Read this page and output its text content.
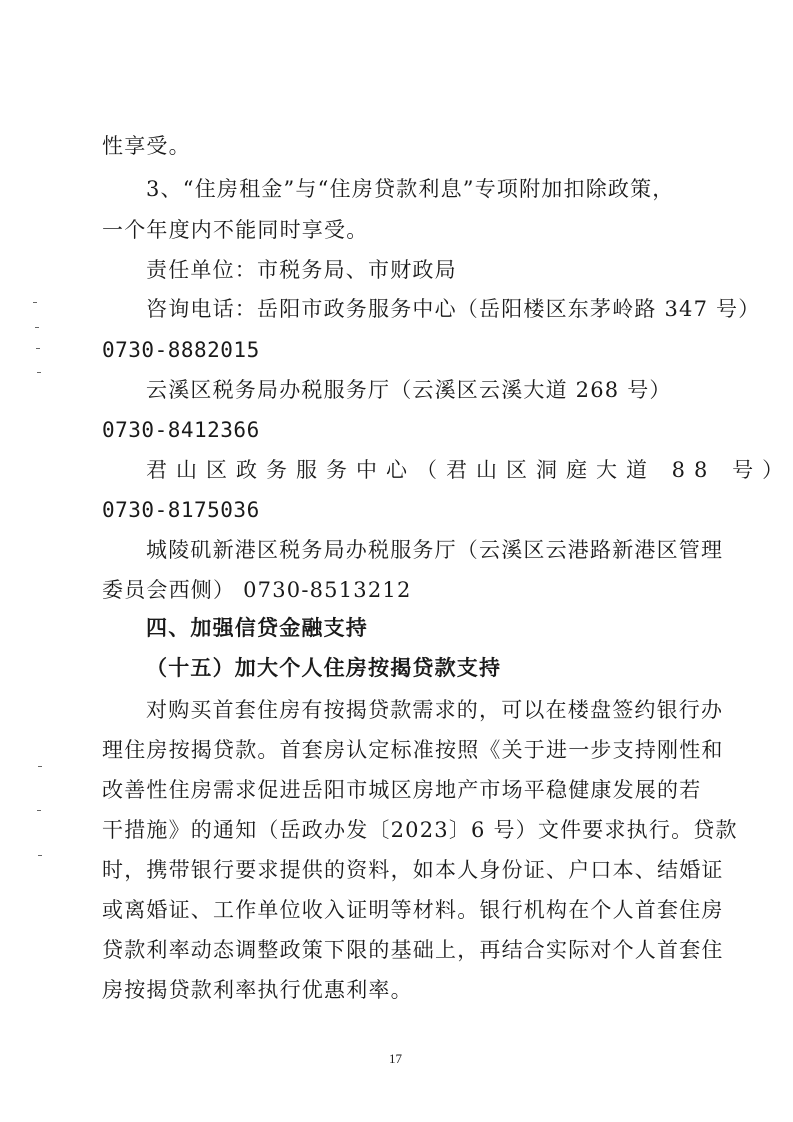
性享受。
3、“住房租金”与“住房贷款利息”专项附加扣除政策，
一个年度内不能同时享受。
责任单位：市税务局、市财政局
咨询电话：岳阳市政务服务中心（岳阳楼区东茅岭路 347 号）
0730-8882015
云溪区税务局办税服务厅（云溪区云溪大道 268 号）
0730-8412366
君山区政务服务中心（君山区洞庭大道 88 号）
0730-8175036
城陵矶新港区税务局办税服务厅（云溪区云港路新港区管理
委员会西侧） 0730-8513212
四、加强信贷金融支持
（十五）加大个人住房按揭贷款支持
对购买首套住房有按揭贷款需求的，可以在楼盘签约银行办
理住房按揭贷款。首套房认定标准按照《关于进一步支持刚性和
改善性住房需求促进岳阳市城区房地产市场平稳健康发展的若
干措施》的通知（岳政办发〔2023〕6 号）文件要求执行。贷款
时，携带银行要求提供的资料，如本人身份证、户口本、结婚证
或离婚证、工作单位收入证明等材料。银行机构在个人首套住房
贷款利率动态调整政策下限的基础上，再结合实际对个人首套住
房按揭贷款利率执行优惠利率。
17
